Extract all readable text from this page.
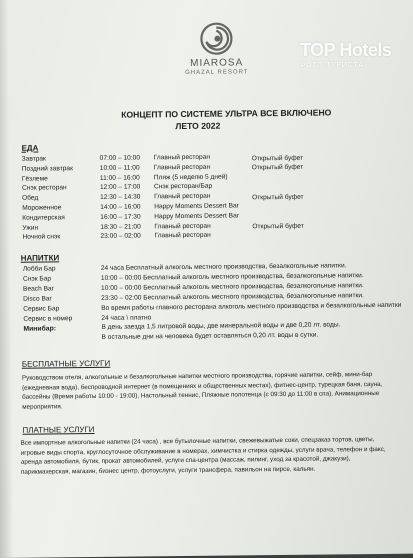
MIAROSA
GHAZAL RESORT
КОНЦЕПТ ПО СИСТЕМЕ УЛЬТРА ВСЕ ВКЛЮЧЕНО
ЛЕТО 2022
ЕДА
Завтрак	07:00 – 10:00 Главный ресторан	Открытый буфет
Поздний завтрак	10:00 – 11:00 Главный ресторан	Открытый буфет
Гёзлеме	11:00 – 16:00 Пляж (5 неделю 5 дней)
Снэк ресторан	12:00 – 17:00 Снэк ресторан/Бар
Обед	12:30 – 14:30 Главный ресторан	Открытый буфет
Мороженное	14:00 – 16:00 Happy Moments Dessert Bar
Кондитерская	16:00 – 17:30 Happy Moments Dessert Bar
Ужин	18:30 – 21:00 Главный ресторан	Открытый буфет
Ночной снэк	23:00 – 02:00 Главный ресторан
НАПИТКИ
Лобби Бар	24 часа Бесплатный алкоголь местного производства, безалкогольные напитки.
Снэк Бар	10:00 – 00:00 Бесплатный алкоголь местного производства, безалкогольные напитки.
Beach Bar	10:00 – 00:00 Бесплатный алкоголь местного производства, безалкогольные напитки.
Disco Bar	23:30 – 02:00 Бесплатный алкоголь местного производства, безалкогольные напитки.
Сервис Бар	Во время работы главного ресторана алкоголь местного производства и безалкогольные напитки
Сервис в номер	24 часа \ платно
Минибар:	В день заезда 1,5 литровой воды, две минеральной воды и две 0,20 лт. воды.
В остальные дни на человека будет оставляться 0,20 лт. воды в сутки.
БЕСПЛАТНЫЕ УСЛУГИ
Руководством отеля, алкогольные и безалкогольные напитки местного производства, горячие напитки, сейф, мини-бар (ежедневная вода), беспроводной интернет (в помещениях и общественных местах), фитнес-центр, турецкая баня, сауна, бассейны (Время работы 10:00 - 19:00), Настольный теннис, Пляжные полотенца (с 09:30 до 11:00 в спа), Анимационные мероприятия.
ПЛАТНЫЕ УСЛУГИ
Все импортные алкогольные напитки (24 часа) , все бутылочные напитки, свежевыжатые соки, спецзаказ тортов, цветы, игровые виды спорта, круглосуточное обслуживание в номерах, химчистка и стирка одежды, услуги врача, телефон и факс, аренда автомобиля, бутик, прокат автомобилей, услуги спа-центра (массаж, пилинг, уход за красотой, джакузи), парикмахерская, магазин, бизнес центр, фотоуслуги, услуги трансфера, павильон на пирсе, кальян.
TOP Hotels
ФОТО ТУРИСТА
